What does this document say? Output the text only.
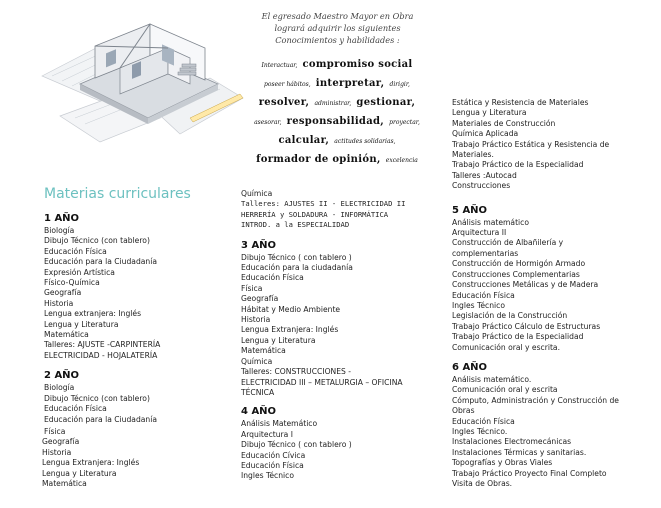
El egresado Maestro Mayor en Obra
logrará adquirir los siguientes
Conocimientos y habilidades :
Interactuar, compromiso social
poseer hábitos, interpretar, dirigir,
resolver, administrar, gestionar,
asesorar, responsabilidad, proyectar,
calcular, actitudes solidarias,
formador de opinión, excelencia
Materias curriculares
1 AÑO
Biología
Dibujo Técnico (con tablero)
Educación Física
Educación para la Ciudadanía
Expresión Artística
Físico-Química
Geografía
Historia
Lengua extranjera: Inglés
Lengua y Literatura
Matemática
Talleres: AJUSTE -CARPINTERÍA
ELECTRICIDAD - HOJALATERÍA
2 AÑO
Biología
Dibujo Técnico (con tablero)
Educación Física
Educación para la Ciudadanía
Física
Geografía
Historia
Lengua Extranjera: Inglés
Lengua y Literatura
Matemática
Química
Talleres: AJUSTES II - ELECTRICIDAD II
HERRERÍA y SOLDADURA - INFORMÁTICA
INTROD. a la ESPECIALIDAD
3 AÑO
Dibujo Técnico ( con tablero )
Educación para la ciudadanía
Educación Física
Física
Geografía
Hábitat y Medio Ambiente
Historia
Lengua Extranjera: Inglés
Lengua y Literatura
Matemática
Química
Talleres: CONSTRUCCIONES -
ELECTRICIDAD III – METALURGIA – OFICINA
TÉCNICA
4 AÑO
Análisis Matemático
Arquitectura I
Dibujo Técnico ( con tablero )
Educación Cívica
Educación Física
Ingles Técnico
Estática y Resistencia de Materiales
Lengua y Literatura
Materiales de Construcción
Química Aplicada
Trabajo Práctico Estática y Resistencia de
Materiales.
Trabajo Práctico de la Especialidad
Talleres :Autocad
Construcciones
5 AÑO
Análisis matemático
Arquitectura II
Construcción de Albañilería y
complementarias
Construcción de Hormigón Armado
Construcciones Complementarias
Construcciones Metálicas y de Madera
Educación Física
Ingles Técnico
Legislación de la Construcción
Trabajo Práctico Cálculo de Estructuras
Trabajo Práctico de la Especialidad
Comunicación oral y escrita.
6 AÑO
Análisis matemático.
Comunicación oral y escrita
Cómputo, Administración y Construcción de
Obras
Educación Física
Ingles Técnico.
Instalaciones Electromecánicas
Instalaciones Térmicas y sanitarias.
Topografías y Obras Viales
Trabajo Práctico Proyecto Final Completo
Visita de Obras.
